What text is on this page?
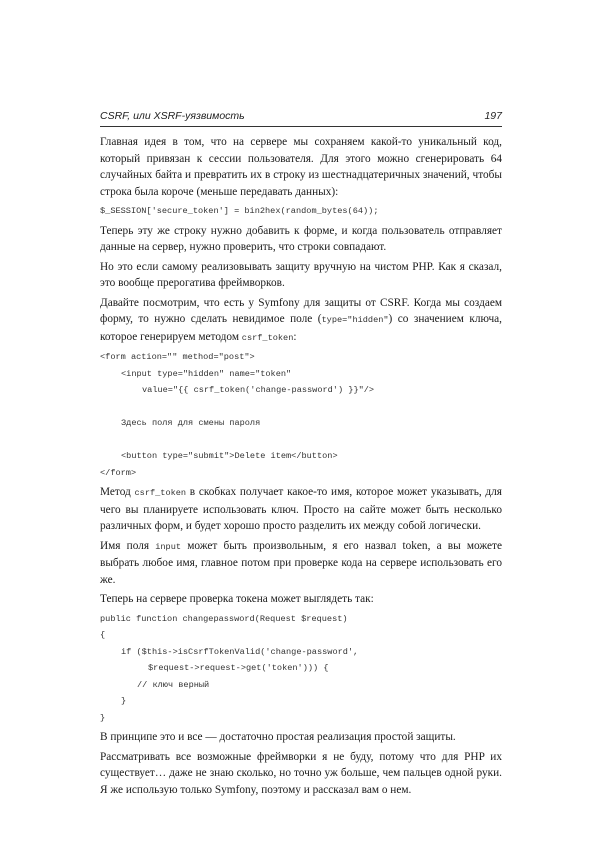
CSRF, или XSRF-уязвимость	197

Главная идея в том, что на сервере мы сохраняем какой-то уникальный код, который привязан к сессии пользователя. Для этого можно сгенерировать 64 случайных байта и превратить их в строку из шестнадцатеричных значений, чтобы строка была короче (меньше передавать данных):

$_SESSION['secure_token'] = bin2hex(random_bytes(64));

Теперь эту же строку нужно добавить к форме, и когда пользователь отправляет данные на сервер, нужно проверить, что строки совпадают.

Но это если самому реализовывать защиту вручную на чистом PHP. Как я сказал, это вообще прерогатива фреймворков.

Давайте посмотрим, что есть у Symfony для защиты от CSRF. Когда мы создаем форму, то нужно сделать невидимое поле (type="hidden") со значением ключа, которое генерируем методом csrf_token:

<form action="" method="post">
<input type="hidden" name="token"
value="{{ csrf_token('change-password') }}"/>
Здесь поля для смены пароля
<button type="submit">Delete item</button>
</form>

Метод csrf_token в скобках получает какое-то имя, которое может указывать, для чего вы планируете использовать ключ. Просто на сайте может быть несколько различных форм, и будет хорошо просто разделить их между собой логически.

Имя поля input может быть произвольным, я его назвал token, а вы можете выбрать любое имя, главное потом при проверке кода на сервере использовать его же.

Теперь на сервере проверка токена может выглядеть так:

public function changepassword(Request $request)
{
if ($this->isCsrfTokenValid('change-password',
$request->request->get('token'))) {
// ключ верный
}
}

В принципе это и все — достаточно простая реализация простой защиты.

Рассматривать все возможные фреймворки я не буду, потому что для PHP их существует… даже не знаю сколько, но точно уж больше, чем пальцев одной руки. Я же использую только Symfony, поэтому и рассказал вам о нем.
